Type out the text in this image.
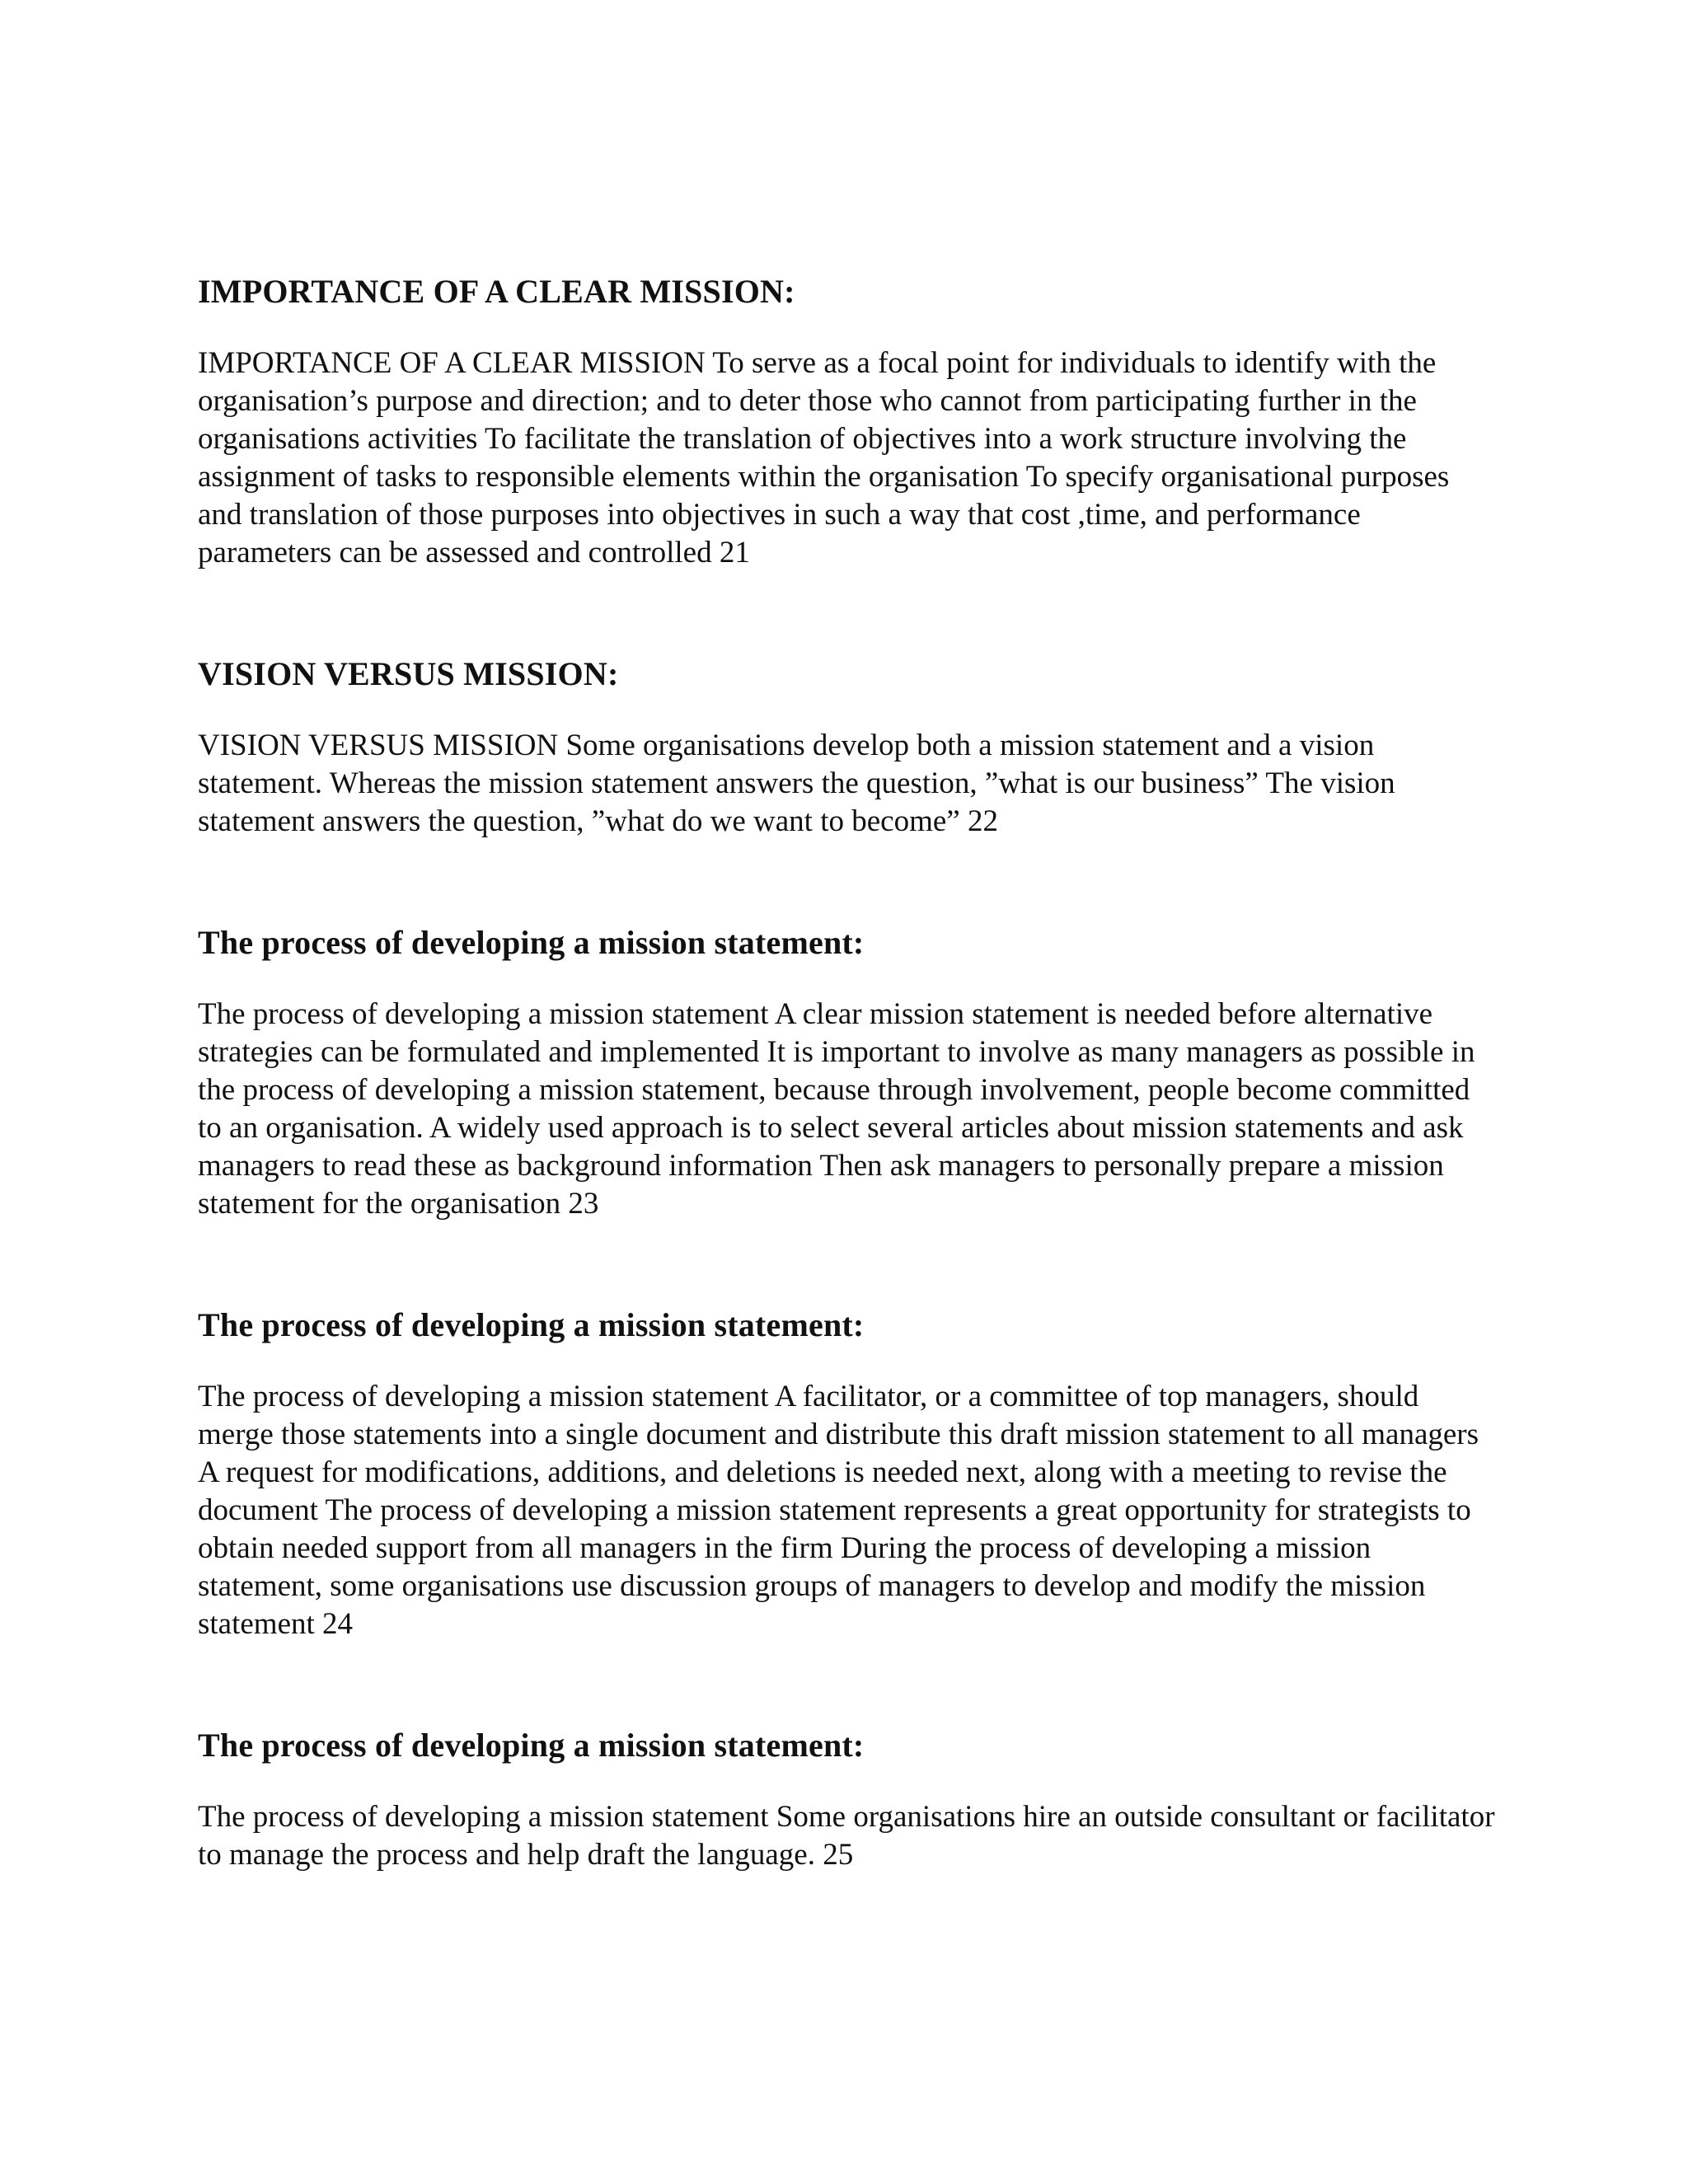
IMPORTANCE OF A CLEAR MISSION:

IMPORTANCE OF A CLEAR MISSION To serve as a focal point for individuals to identify with the organisation’s purpose and direction; and to deter those who cannot from participating further in the organisations activities To facilitate the translation of objectives into a work structure involving the assignment of tasks to responsible elements within the organisation To specify organisational purposes and translation of those purposes into objectives in such a way that cost ,time, and performance parameters can be assessed and controlled 21

VISION VERSUS MISSION:

VISION VERSUS MISSION Some organisations develop both a mission statement and a vision statement. Whereas the mission statement answers the question, ”what is our business” The vision statement answers the question, ”what do we want to become” 22

The process of developing a mission statement:

The process of developing a mission statement A clear mission statement is needed before alternative strategies can be formulated and implemented It is important to involve as many managers as possible in the process of developing a mission statement, because through involvement, people become committed to an organisation. A widely used approach is to select several articles about mission statements and ask managers to read these as background information Then ask managers to personally prepare a mission statement for the organisation 23

The process of developing a mission statement:

The process of developing a mission statement A facilitator, or a committee of top managers, should merge those statements into a single document and distribute this draft mission statement to all managers A request for modifications, additions, and deletions is needed next, along with a meeting to revise the document The process of developing a mission statement represents a great opportunity for strategists to obtain needed support from all managers in the firm During the process of developing a mission statement, some organisations use discussion groups of managers to develop and modify the mission statement 24

The process of developing a mission statement:

The process of developing a mission statement Some organisations hire an outside consultant or facilitator to manage the process and help draft the language. 25
